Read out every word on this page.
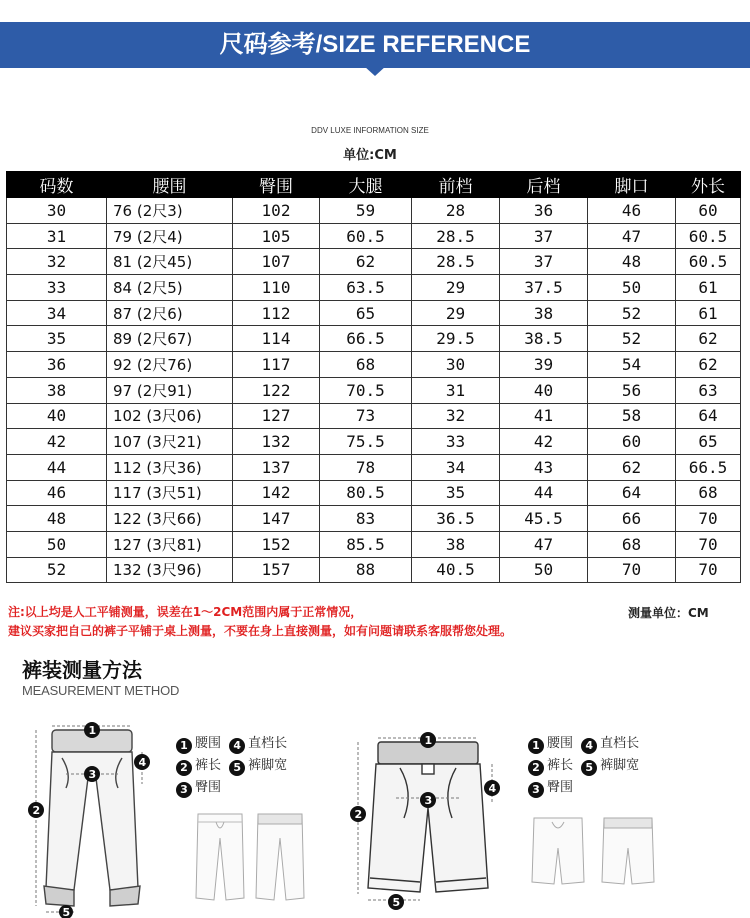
尺码参考/SIZE REFERENCE
DDV LUXE INFORMATION SIZE
单位:CM
码数	腰围	臀围	大腿	前档	后档	脚口	外长
30	76 (2尺3)	102	59	28	36	46	60
31	79 (2尺4)	105	60.5	28.5	37	47	60.5
32	81 (2尺45)	107	62	28.5	37	48	60.5
33	84 (2尺5)	110	63.5	29	37.5	50	61
34	87 (2尺6)	112	65	29	38	52	61
35	89 (2尺67)	114	66.5	29.5	38.5	52	62
36	92 (2尺76)	117	68	30	39	54	62
38	97 (2尺91)	122	70.5	31	40	56	63
40	102 (3尺06)	127	73	32	41	58	64
42	107 (3尺21)	132	75.5	33	42	60	65
44	112 (3尺36)	137	78	34	43	62	66.5
46	117 (3尺51)	142	80.5	35	44	64	68
48	122 (3尺66)	147	83	36.5	45.5	66	70
50	127 (3尺81)	152	85.5	38	47	68	70
52	132 (3尺96)	157	88	40.5	50	70	70
注:以上均是人工平铺测量，误差在1～2CM范围内属于正常情况，
建议买家把自己的裤子平铺于桌上测量，不要在身上直接测量，如有问题请联系客服帮您处理。
测量单位：CM
裤装测量方法
MEASUREMENT METHOD
1
2
3
4
5
1 腰围 4 直档长
2 裤长 5 裤脚宽
3 臀围
1
2
3
4
5
1 腰围 4 直档长
2 裤长 5 裤脚宽
3 臀围
